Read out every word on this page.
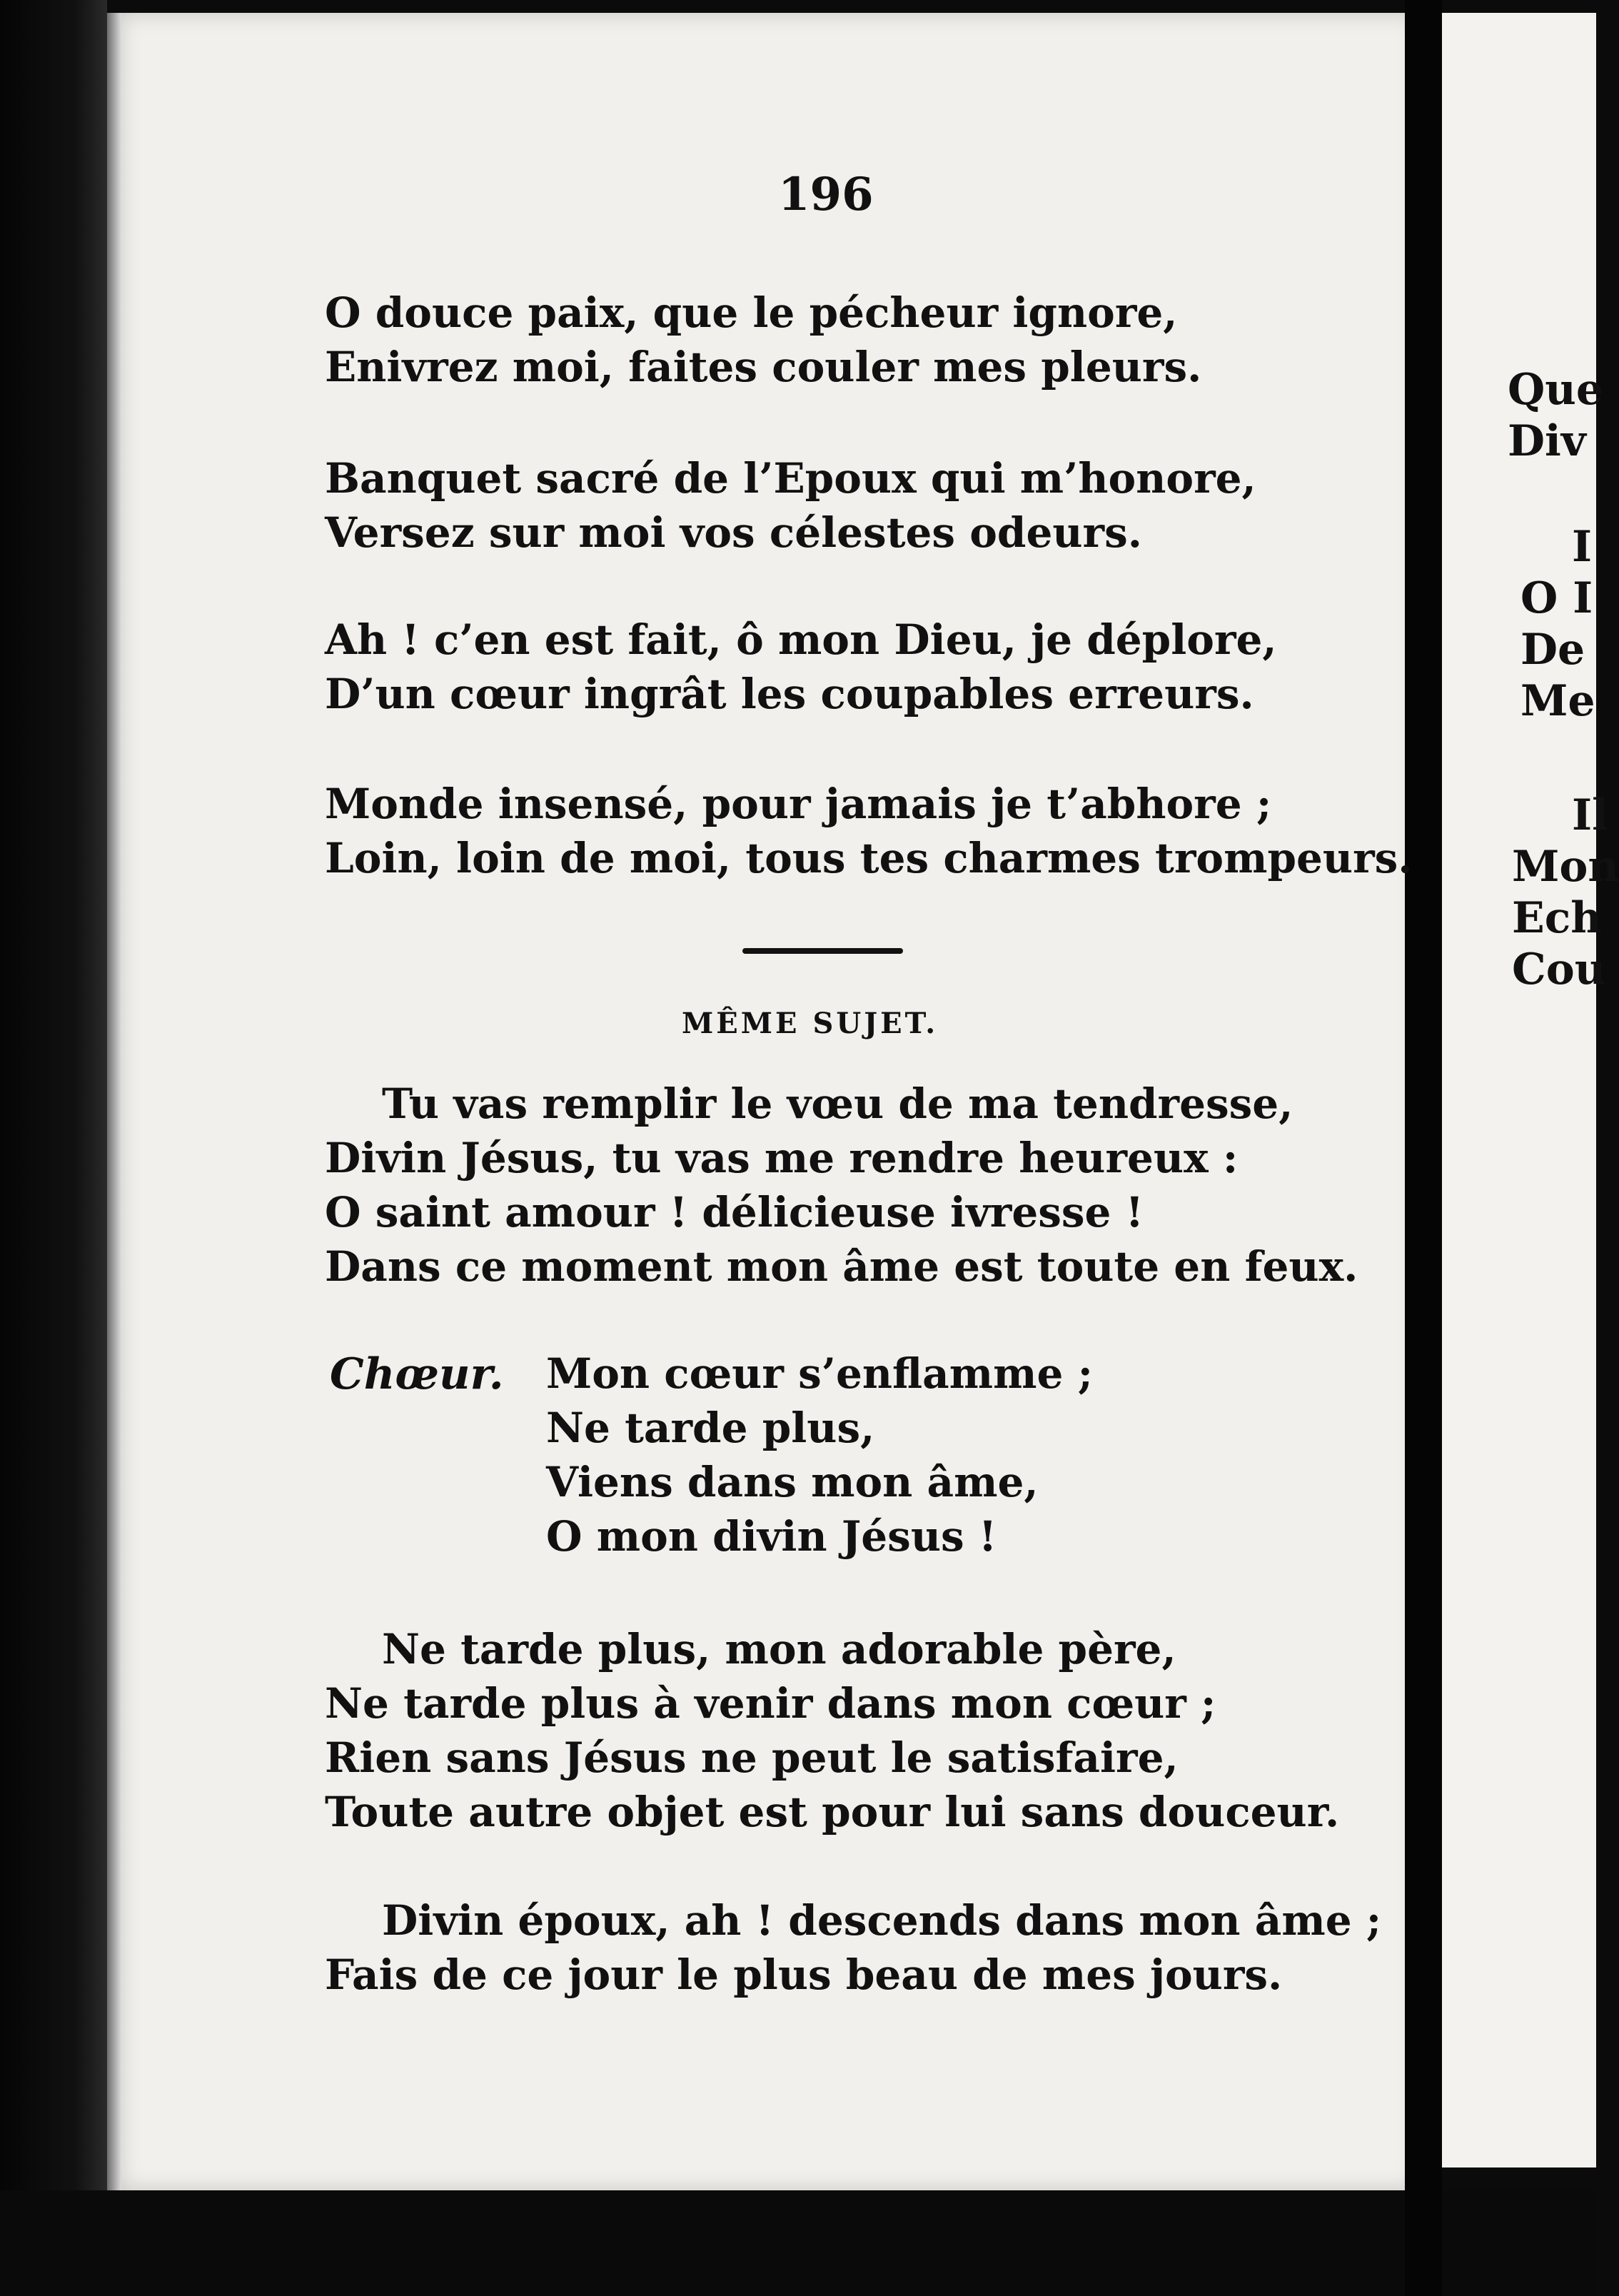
196
O douce paix, que le pécheur ignore,
Enivrez moi, faites couler mes pleurs.
Banquet sacré de l’Epoux qui m’honore,
Versez sur moi vos célestes odeurs.
Ah ! c’en est fait, ô mon Dieu, je déplore,
D’un cœur ingrât les coupables erreurs.
Monde insensé, pour jamais je t’abhore ;
Loin, loin de moi, tous tes charmes trompeurs.
MÊME SUJET.
Tu vas remplir le vœu de ma tendresse,
Divin Jésus, tu vas me rendre heureux :
O saint amour ! délicieuse ivresse !
Dans ce moment mon âme est toute en feux.
Chœur. Mon cœur s’enflamme ;
Ne tarde plus,
Viens dans mon âme,
O mon divin Jésus !
Ne tarde plus, mon adorable père,
Ne tarde plus à venir dans mon cœur ;
Rien sans Jésus ne peut le satisfaire,
Toute autre objet est pour lui sans douceur.
Divin époux, ah ! descends dans mon âme ;
Fais de ce jour le plus beau de mes jours.
Que
Div
I
O I
De
Me
Il
Mon
Ech
Cou
